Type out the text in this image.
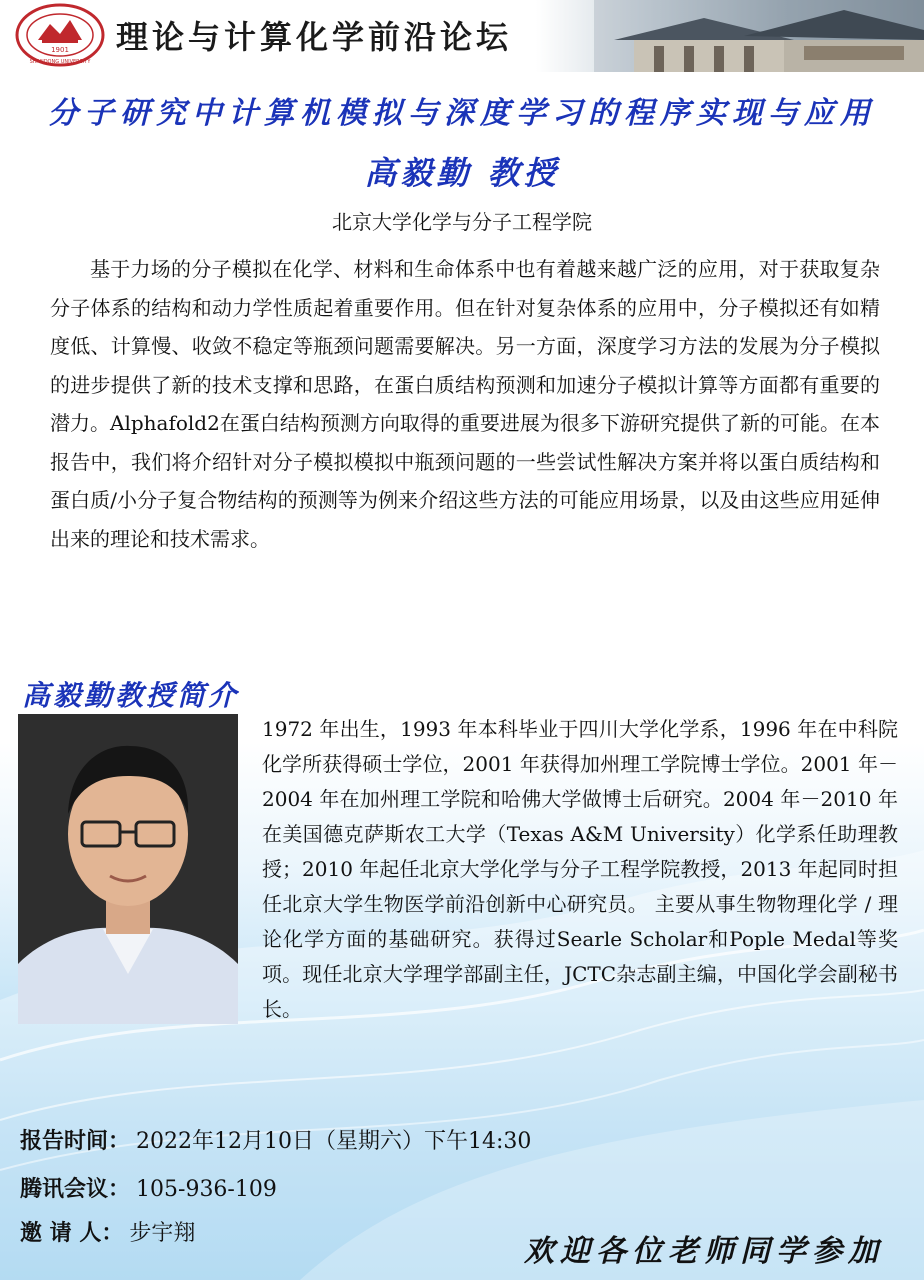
1901
SHANDONG UNIVERSITY
理论与计算化学前沿论坛
分子研究中计算机模拟与深度学习的程序实现与应用
高毅勤 教授
北京大学化学与分子工程学院

基于力场的分子模拟在化学、材料和生命体系中也有着越来越广泛的应用，对于获取复杂分子体系的结构和动力学性质起着重要作用。但在针对复杂体系的应用中，分子模拟还有如精度低、计算慢、收敛不稳定等瓶颈问题需要解决。另一方面，深度学习方法的发展为分子模拟的进步提供了新的技术支撑和思路，在蛋白质结构预测和加速分子模拟计算等方面都有重要的潜力。Alphafold2在蛋白结构预测方向取得的重要进展为很多下游研究提供了新的可能。在本报告中，我们将介绍针对分子模拟模拟中瓶颈问题的一些尝试性解决方案并将以蛋白质结构和蛋白质/小分子复合物结构的预测等为例来介绍这些方法的可能应用场景，以及由这些应用延伸出来的理论和技术需求。

高毅勤教授简介

1972 年出生，1993 年本科毕业于四川大学化学系，1996 年在中科院化学所获得硕士学位，2001 年获得加州理工学院博士学位。2001 年－2004 年在加州理工学院和哈佛大学做博士后研究。2004 年－2010 年在美国德克萨斯农工大学（Texas A&M University）化学系任助理教授；2010 年起任北京大学化学与分子工程学院教授，2013 年起同时担任北京大学生物医学前沿创新中心研究员。 主要从事生物物理化学 / 理论化学方面的基础研究。获得过Searle Scholar和Pople Medal等奖项。现任北京大学理学部副主任，JCTC杂志副主编，中国化学会副秘书长。

报告时间： 2022年12月10日（星期六）下午14:30
腾讯会议： 105-936-109
邀 请 人： 步宇翔
欢迎各位老师同学参加
